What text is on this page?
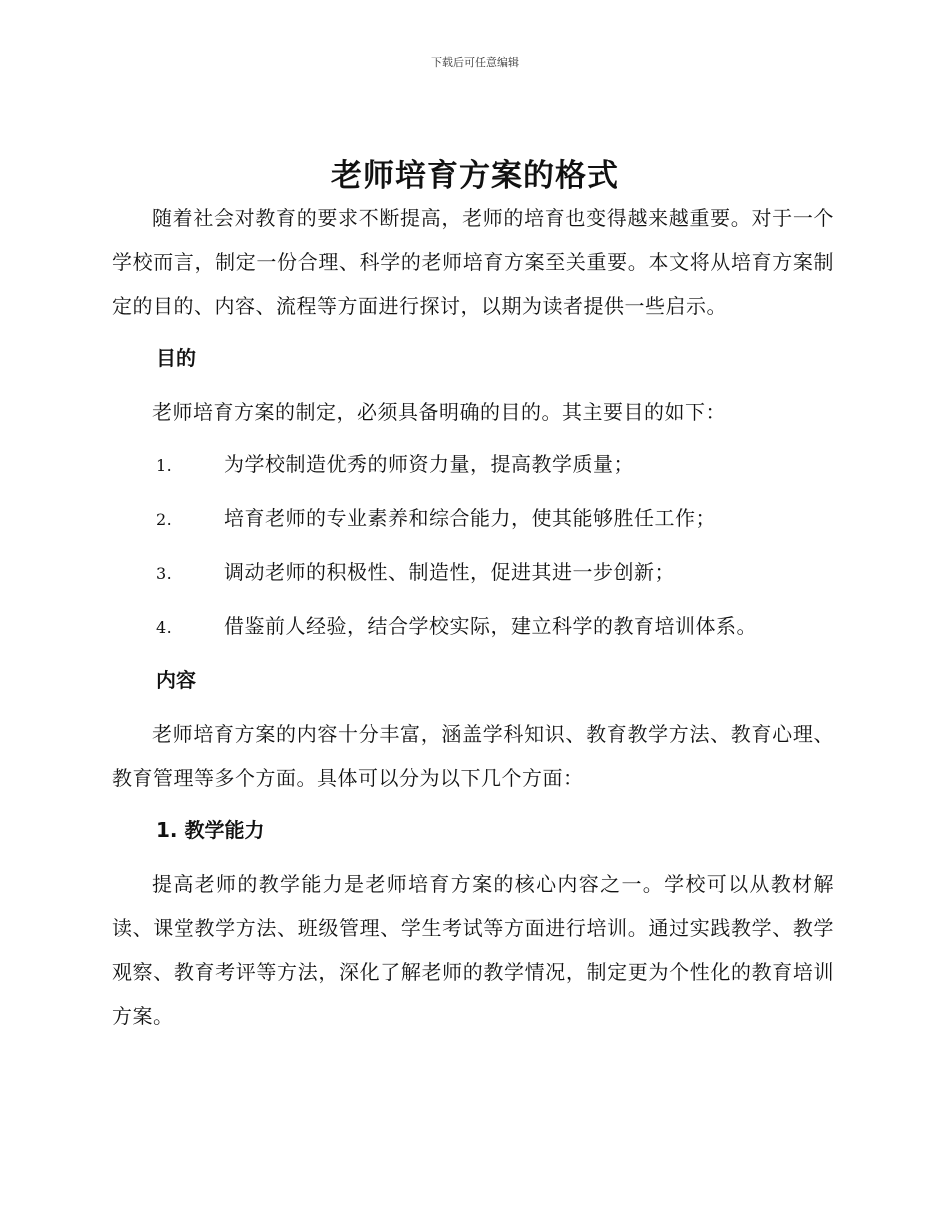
下载后可任意编辑
老师培育方案的格式

随着社会对教育的要求不断提高，老师的培育也变得越来越重要。对于一个学校而言，制定一份合理、科学的老师培育方案至关重要。本文将从培育方案制定的目的、内容、流程等方面进行探讨，以期为读者提供一些启示。

目的

老师培育方案的制定，必须具备明确的目的。其主要目的如下：

1.	为学校制造优秀的师资力量，提高教学质量；
2.	培育老师的专业素养和综合能力，使其能够胜任工作；
3.	调动老师的积极性、制造性，促进其进一步创新；
4.	借鉴前人经验，结合学校实际，建立科学的教育培训体系。
内容

老师培育方案的内容十分丰富，涵盖学科知识、教育教学方法、教育心理、教育管理等多个方面。具体可以分为以下几个方面：

1. 教学能力

提高老师的教学能力是老师培育方案的核心内容之一。学校可以从教材解读、课堂教学方法、班级管理、学生考试等方面进行培训。通过实践教学、教学观察、教育考评等方法，深化了解老师的教学情况，制定更为个性化的教育培训方案。
